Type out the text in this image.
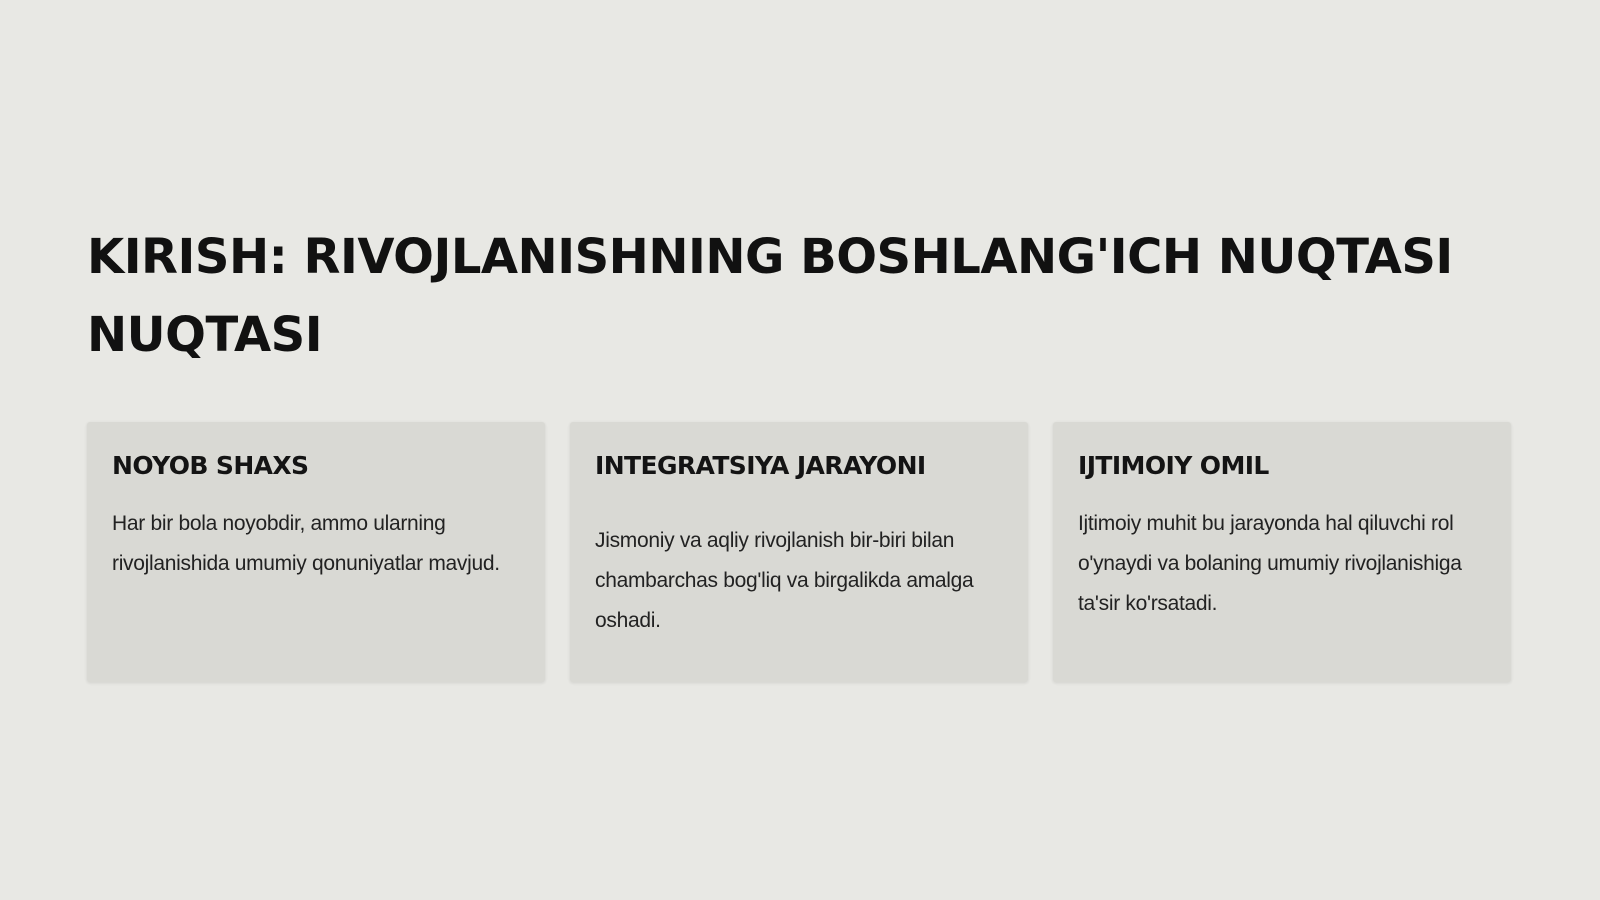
KIRISH: RIVOJLANISHNING BOSHLANG'ICH NUQTASI
NUQTASI
NOYOB SHAXS

Har bir bola noyobdir, ammo ularning rivojlanishida umumiy qonuniyatlar mavjud.

INTEGRATSIYA JARAYONI

Jismoniy va aqliy rivojlanish bir-biri bilan chambarchas bog'liq va birgalikda amalga oshadi.

IJTIMOIY OMIL

Ijtimoiy muhit bu jarayonda hal qiluvchi rol o'ynaydi va bolaning umumiy rivojlanishiga ta'sir ko'rsatadi.
